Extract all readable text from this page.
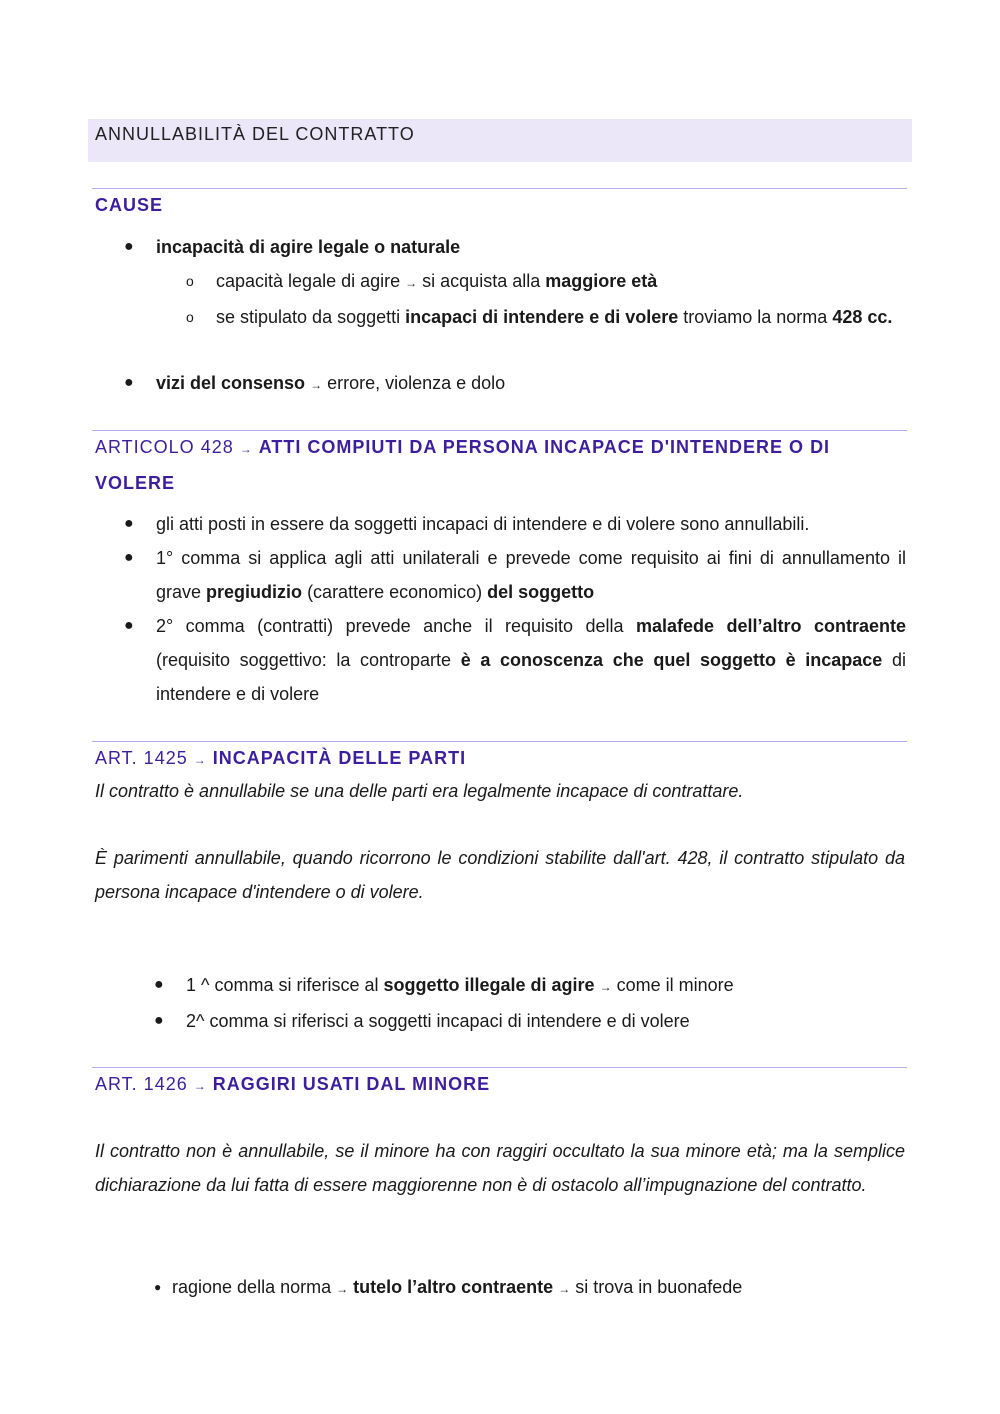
ANNULLABILITÀ DEL CONTRATTO
CAUSE
● incapacità di agire legale o naturale
o capacità legale di agire → si acquista alla maggiore età
o se stipulato da soggetti incapaci di intendere e di volere troviamo la norma 428 cc.
● vizi del consenso → errore, violenza e dolo
ARTICOLO 428 → ATTI COMPIUTI DA PERSONA INCAPACE D'INTENDERE O DI VOLERE
● gli atti posti in essere da soggetti incapaci di intendere e di volere sono annullabili.
● 1° comma si applica agli atti unilaterali e prevede come requisito ai fini di annullamento il grave pregiudizio (carattere economico) del soggetto
● 2° comma (contratti) prevede anche il requisito della malafede dell’altro contraente (requisito soggettivo: la controparte è a conoscenza che quel soggetto è incapace di intendere e di volere
ART. 1425 → INCAPACITÀ DELLE PARTI

Il contratto è annullabile se una delle parti era legalmente incapace di contrattare.

È parimenti annullabile, quando ricorrono le condizioni stabilite dall'art. 428, il contratto stipulato da persona incapace d'intendere o di volere.

● 1 ^ comma si riferisce al soggetto illegale di agire → come il minore
● 2^ comma si riferisci a soggetti incapaci di intendere e di volere
ART. 1426 → RAGGIRI USATI DAL MINORE

Il contratto non è annullabile, se il minore ha con raggiri occultato la sua minore età; ma la semplice dichiarazione da lui fatta di essere maggiorenne non è di ostacolo all’impugnazione del contratto.

● ragione della norma → tutelo l’altro contraente → si trova in buonafede
